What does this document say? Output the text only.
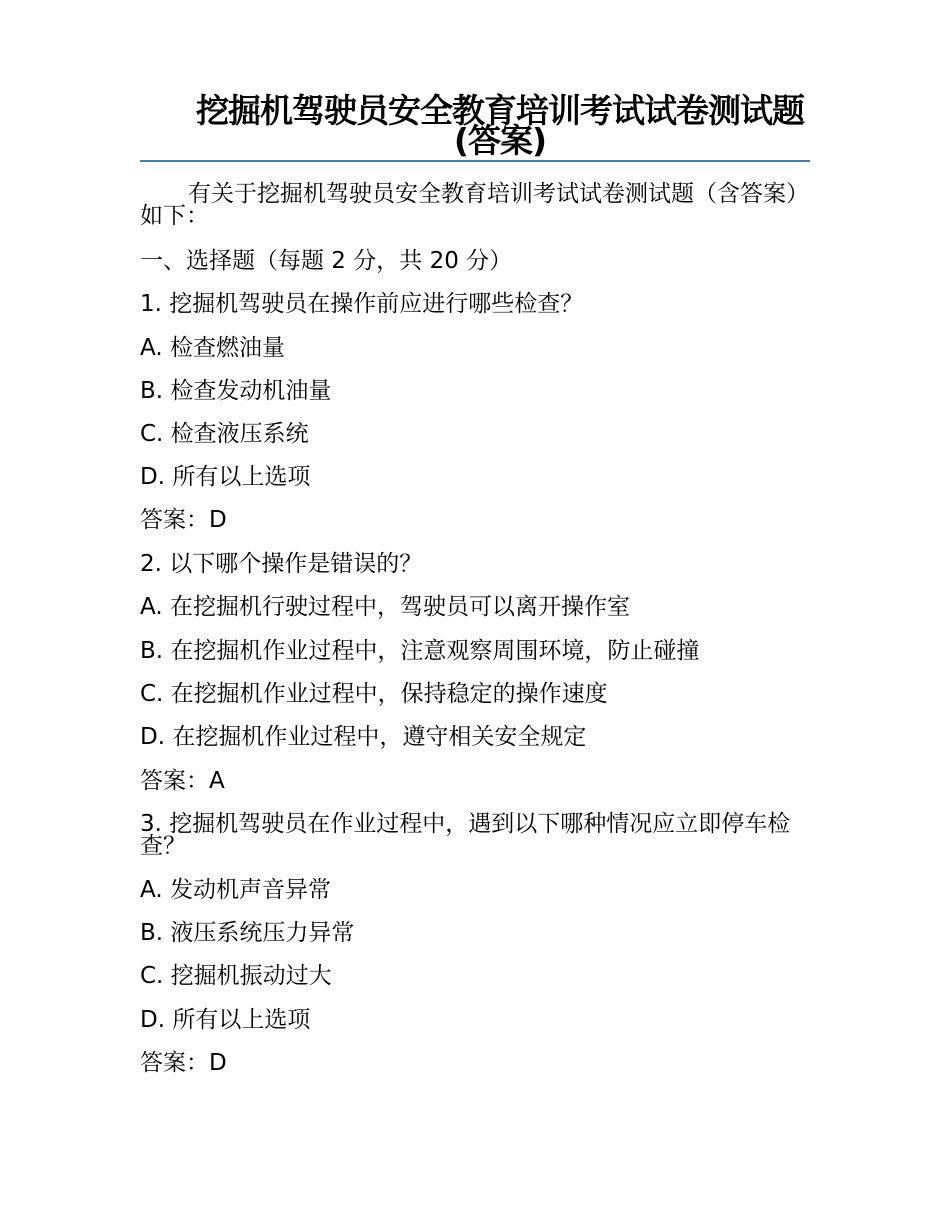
挖掘机驾驶员安全教育培训考试试卷测试题(答案)
有关于挖掘机驾驶员安全教育培训考试试卷测试题（含答案）如下：
一、选择题（每题 2 分，共 20 分）
1. 挖掘机驾驶员在操作前应进行哪些检查？
A. 检查燃油量
B. 检查发动机油量
C. 检查液压系统
D. 所有以上选项
答案：D
2. 以下哪个操作是错误的？
A. 在挖掘机行驶过程中，驾驶员可以离开操作室
B. 在挖掘机作业过程中，注意观察周围环境，防止碰撞
C. 在挖掘机作业过程中，保持稳定的操作速度
D. 在挖掘机作业过程中，遵守相关安全规定
答案：A
3. 挖掘机驾驶员在作业过程中，遇到以下哪种情况应立即停车检查？
A. 发动机声音异常
B. 液压系统压力异常
C. 挖掘机振动过大
D. 所有以上选项
答案：D
